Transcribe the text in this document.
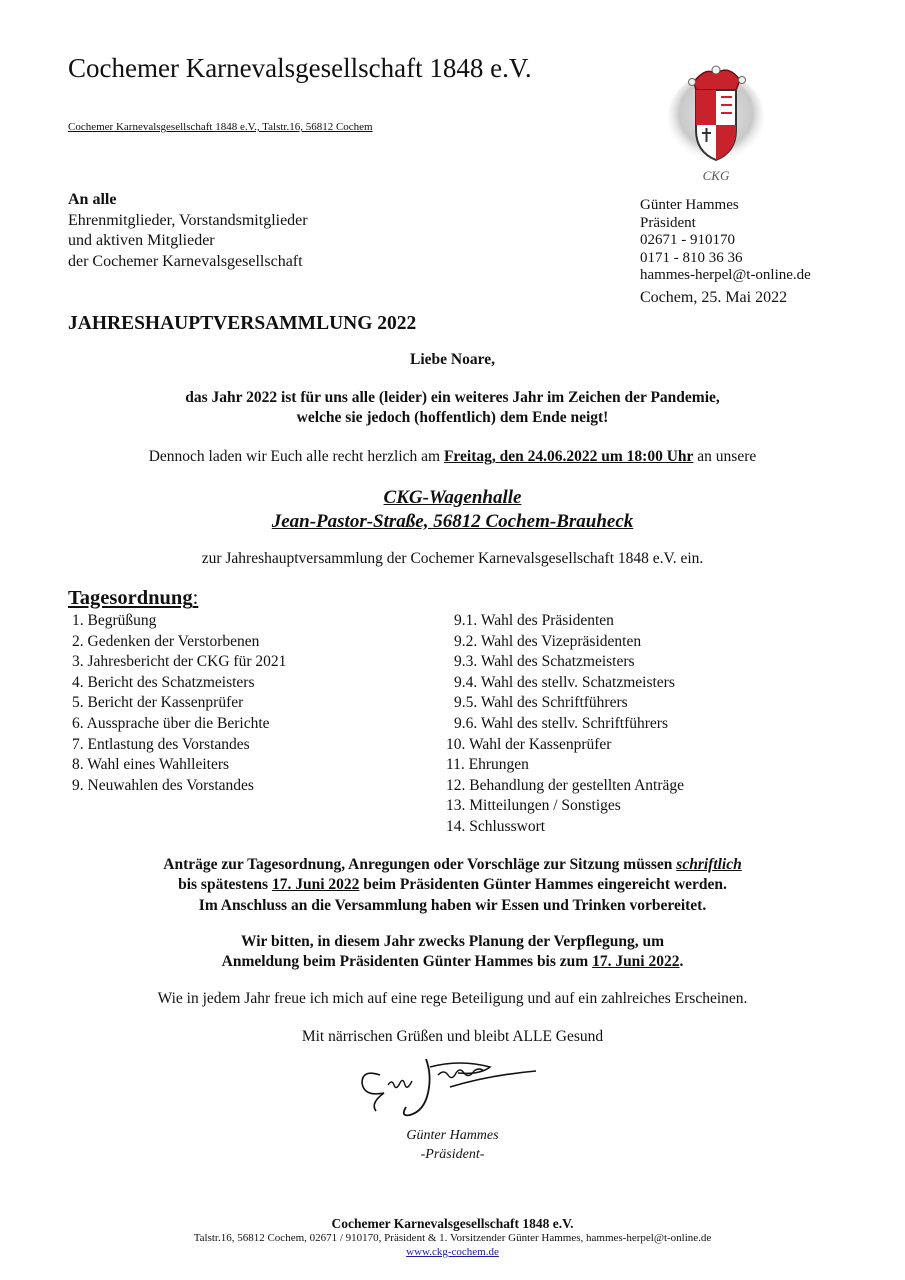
Cochemer Karnevalsgesellschaft 1848 e.V.
Cochemer Karnevalsgesellschaft 1848 e.V., Talstr.16, 56812 Cochem
CKG
An alle
Ehrenmitglieder, Vorstandsmitglieder
und aktiven Mitglieder
der Cochemer Karnevalsgesellschaft
Günter Hammes
Präsident
02671 - 910170
0171 - 810 36 36
hammes-herpel@t-online.de
Cochem, 25. Mai 2022
JAHRESHAUPTVERSAMMLUNG 2022
Liebe Noare,
das Jahr 2022 ist für uns alle (leider) ein weiteres Jahr im Zeichen der Pandemie,
welche sie jedoch (hoffentlich) dem Ende neigt!
Dennoch laden wir Euch alle recht herzlich am Freitag, den 24.06.2022 um 18:00 Uhr an unsere
CKG-Wagenhalle
Jean-Pastor-Straße, 56812 Cochem-Brauheck
zur Jahreshauptversammlung der Cochemer Karnevalsgesellschaft 1848 e.V. ein.
Tagesordnung:
1. Begrüßung
2. Gedenken der Verstorbenen
3. Jahresbericht der CKG für 2021
4. Bericht des Schatzmeisters
5. Bericht der Kassenprüfer
6. Aussprache über die Berichte
7. Entlastung des Vorstandes
8. Wahl eines Wahlleiters
9. Neuwahlen des Vorstandes
9.1. Wahl des Präsidenten
9.2. Wahl des Vizepräsidenten
9.3. Wahl des Schatzmeisters
9.4. Wahl des stellv. Schatzmeisters
9.5. Wahl des Schriftführers
9.6. Wahl des stellv. Schriftführers
10. Wahl der Kassenprüfer
11. Ehrungen
12. Behandlung der gestellten Anträge
13. Mitteilungen / Sonstiges
14. Schlusswort
Anträge zur Tagesordnung, Anregungen oder Vorschläge zur Sitzung müssen schriftlich
bis spätestens 17. Juni 2022 beim Präsidenten Günter Hammes eingereicht werden.
Im Anschluss an die Versammlung haben wir Essen und Trinken vorbereitet.
Wir bitten, in diesem Jahr zwecks Planung der Verpflegung, um
Anmeldung beim Präsidenten Günter Hammes bis zum 17. Juni 2022.
Wie in jedem Jahr freue ich mich auf eine rege Beteiligung und auf ein zahlreiches Erscheinen.
Mit närrischen Grüßen und bleibt ALLE Gesund
Günter Hammes
-Präsident-
Cochemer Karnevalsgesellschaft 1848 e.V.
Talstr.16, 56812 Cochem, 02671 / 910170, Präsident & 1. Vorsitzender Günter Hammes, hammes-herpel@t-online.de
www.ckg-cochem.de
